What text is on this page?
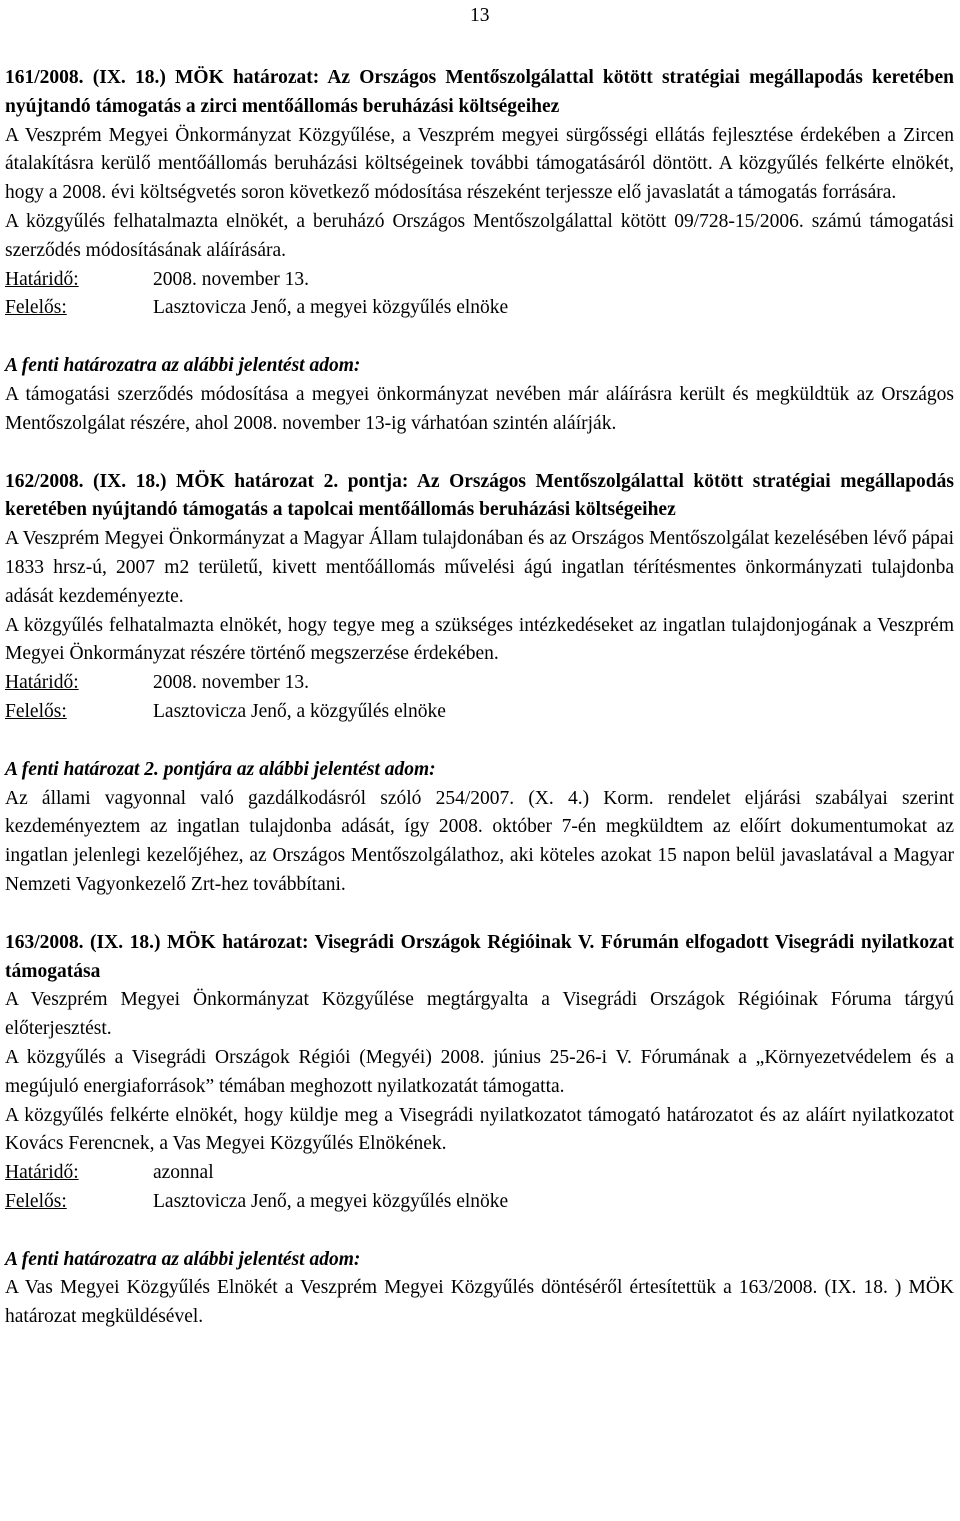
13

161/2008. (IX. 18.) MÖK határozat: Az Országos Mentőszolgálattal kötött stratégiai megállapodás keretében nyújtandó támogatás a zirci mentőállomás beruházási költségeihez

A Veszprém Megyei Önkormányzat Közgyűlése, a Veszprém megyei sürgősségi ellátás fejlesztése érdekében a Zircen átalakításra kerülő mentőállomás beruházási költségeinek további támogatásáról döntött. A közgyűlés felkérte elnökét, hogy a 2008. évi költségvetés soron következő módosítása részeként terjessze elő javaslatát a támogatás forrására.

A közgyűlés felhatalmazta elnökét, a beruházó Országos Mentőszolgálattal kötött 09/728-15/2006. számú támogatási szerződés módosításának aláírására.

Határidő:	2008. november 13.
Felelős:	Lasztovicza Jenő, a megyei közgyűlés elnöke

A fenti határozatra az alábbi jelentést adom:

A támogatási szerződés módosítása a megyei önkormányzat nevében már aláírásra került és megküldtük az Országos Mentőszolgálat részére, ahol 2008. november 13-ig várhatóan szintén aláírják.

162/2008. (IX. 18.) MÖK határozat 2. pontja: Az Országos Mentőszolgálattal kötött stratégiai megállapodás keretében nyújtandó támogatás a tapolcai mentőállomás beruházási költségeihez

A Veszprém Megyei Önkormányzat a Magyar Állam tulajdonában és az Országos Mentőszolgálat kezelésében lévő pápai 1833 hrsz-ú, 2007 m2 területű, kivett mentőállomás művelési ágú ingatlan térítésmentes önkormányzati tulajdonba adását kezdeményezte.

A közgyűlés felhatalmazta elnökét, hogy tegye meg a szükséges intézkedéseket az ingatlan tulajdonjogának a Veszprém Megyei Önkormányzat részére történő megszerzése érdekében.

Határidő:	2008. november 13.
Felelős:	Lasztovicza Jenő, a közgyűlés elnöke

A fenti határozat 2. pontjára az alábbi jelentést adom:

Az állami vagyonnal való gazdálkodásról szóló 254/2007. (X. 4.) Korm. rendelet eljárási szabályai szerint kezdeményeztem az ingatlan tulajdonba adását, így 2008. október 7-én megküldtem az előírt dokumentumokat az ingatlan jelenlegi kezelőjéhez, az Országos Mentőszolgálathoz, aki köteles azokat 15 napon belül javaslatával a Magyar Nemzeti Vagyonkezelő Zrt-hez továbbítani.

163/2008. (IX. 18.) MÖK határozat: Visegrádi Országok Régióinak V. Fórumán elfogadott Visegrádi nyilatkozat támogatása

A Veszprém Megyei Önkormányzat Közgyűlése megtárgyalta a Visegrádi Országok Régióinak Fóruma tárgyú előterjesztést.

A közgyűlés a Visegrádi Országok Régiói (Megyéi) 2008. június 25-26-i V. Fórumának a „Környezetvédelem és a megújuló energiaforrások” témában meghozott nyilatkozatát támogatta.

A közgyűlés felkérte elnökét, hogy küldje meg a Visegrádi nyilatkozatot támogató határozatot és az aláírt nyilatkozatot Kovács Ferencnek, a Vas Megyei Közgyűlés Elnökének.

Határidő:	azonnal
Felelős:	Lasztovicza Jenő, a megyei közgyűlés elnöke

A fenti határozatra az alábbi jelentést adom:

A Vas Megyei Közgyűlés Elnökét a Veszprém Megyei Közgyűlés döntéséről értesítettük a 163/2008. (IX. 18. ) MÖK határozat megküldésével.
